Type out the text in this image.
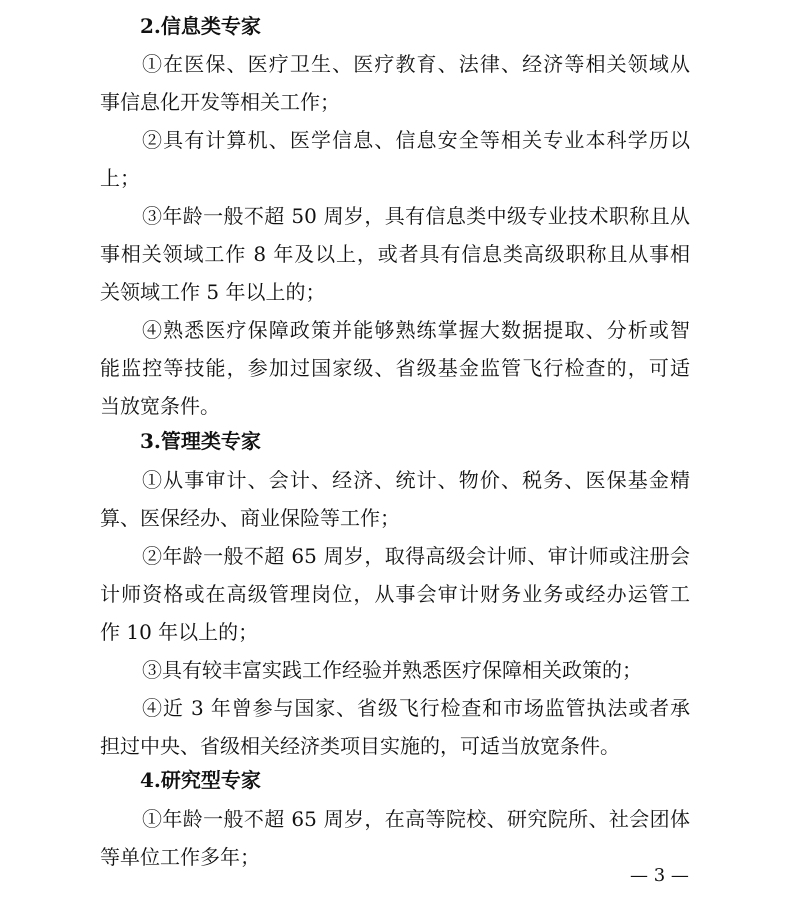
2.信息类专家
①在医保、医疗卫生、医疗教育、法律、经济等相关领域从
事信息化开发等相关工作；
②具有计算机、医学信息、信息安全等相关专业本科学历以
上；
③年龄一般不超 50 周岁，具有信息类中级专业技术职称且从
事相关领域工作 8 年及以上，或者具有信息类高级职称且从事相
关领域工作 5 年以上的；
④熟悉医疗保障政策并能够熟练掌握大数据提取、分析或智
能监控等技能，参加过国家级、省级基金监管飞行检查的，可适
当放宽条件。
3.管理类专家
①从事审计、会计、经济、统计、物价、税务、医保基金精
算、医保经办、商业保险等工作；
②年龄一般不超 65 周岁，取得高级会计师、审计师或注册会
计师资格或在高级管理岗位，从事会审计财务业务或经办运管工
作 10 年以上的；
③具有较丰富实践工作经验并熟悉医疗保障相关政策的；
④近 3 年曾参与国家、省级飞行检查和市场监管执法或者承
担过中央、省级相关经济类项目实施的，可适当放宽条件。
4.研究型专家
①年龄一般不超 65 周岁，在高等院校、研究院所、社会团体
等单位工作多年；
— 3 —
